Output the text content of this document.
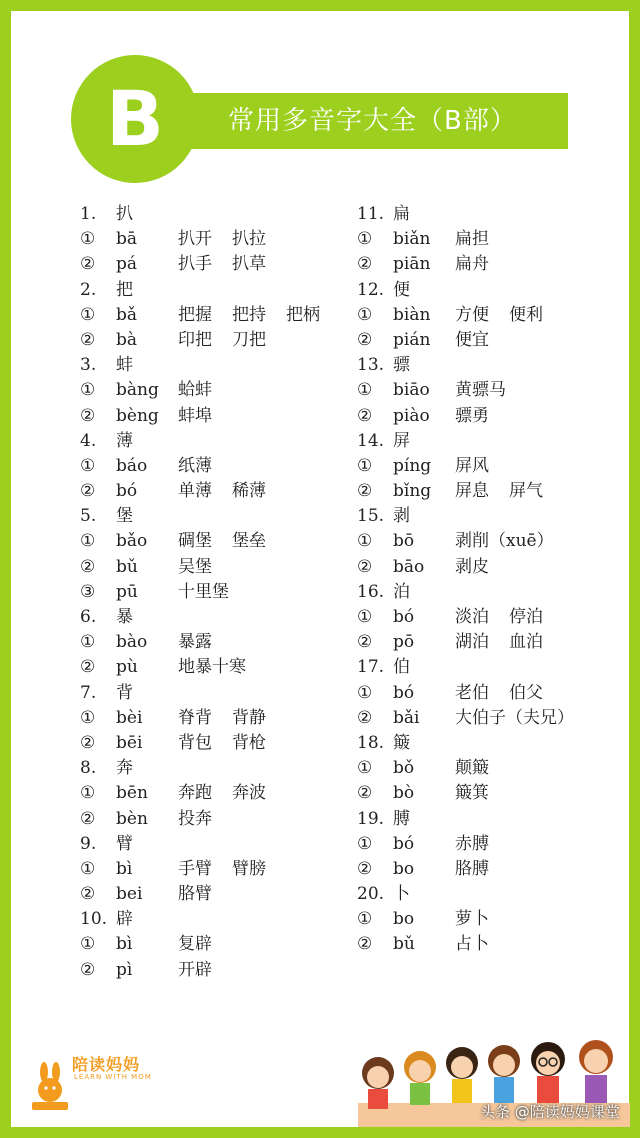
常用多音字大全（B部）
B
1. 扒
① bā 扒开 扒拉
② pá 扒手 扒草
2. 把
① bǎ 把握 把持 把柄
② bà 印把 刀把
3. 蚌
① bàng 蛤蚌
② bèng 蚌埠
4. 薄
① báo 纸薄
② bó 单薄 稀薄
5. 堡
① bǎo 碉堡 堡垒
② bǔ 吴堡
③ pū 十里堡
6. 暴
① bào 暴露
② pù 地暴十寒
7. 背
① bèi 脊背 背静
② bēi 背包 背枪
8. 奔
① bēn 奔跑 奔波
② bèn 投奔
9. 臂
① bì	手臂 臂膀
② bei 胳臂
10. 辟
① bì	复辟
② pì	开辟
11. 扁
① biǎn 扁担
② piān 扁舟
12. 便
① biàn 方便 便利
② pián 便宜
13. 骠
① biāo 黄骠马
② piào 骠勇
14. 屏
① píng 屏风
② bǐng 屏息 屏气
15. 剥
① bō 剥削（xuē）
② bāo 剥皮
16. 泊
① bó 淡泊 停泊
② pō 湖泊 血泊
17. 伯
① bó 老伯 伯父
② bǎi 大伯子（夫兄）
18. 簸
① bǒ 颠簸
② bò 簸箕
19. 膊
① bó 赤膊
② bo 胳膊
20. 卜
① bo 萝卜
② bǔ 占卜
陪读妈妈
LEARN WITH MOM
头条 @陪读妈妈课堂
